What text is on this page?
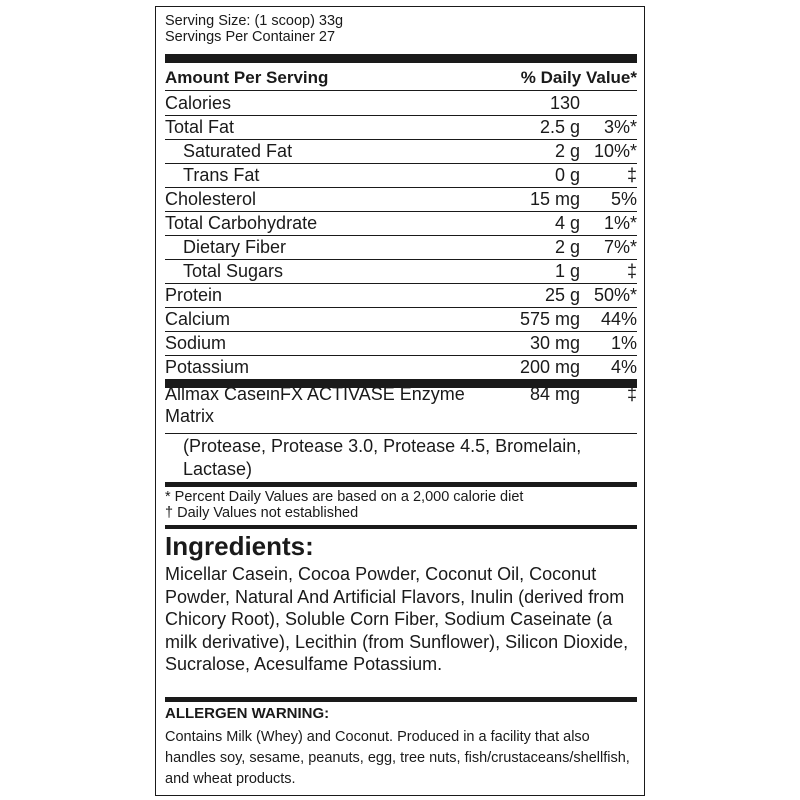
Serving Size: (1 scoop) 33g
Servings Per Container 27
Amount Per Serving	% Daily Value*
Calories	130
Total Fat	2.5 g 3%*
Saturated Fat	2 g 10%*
Trans Fat	0 g	‡
Cholesterol	15 mg 5%
Total Carbohydrate	4 g 1%*
Dietary Fiber	2 g 7%*
Total Sugars	1 g	‡
Protein	25 g 50%*
Calcium	575 mg 44%
Sodium	30 mg 1%
Potassium	200 mg 4%
Allmax CaseinFX ACTIVASE Enzyme Matrix
84 mg	‡
(Protease, Protease 3.0, Protease 4.5, Bromelain, Lactase)
* Percent Daily Values are based on a 2,000 calorie diet
† Daily Values not established
Ingredients:
Micellar Casein, Cocoa Powder, Coconut Oil, Coconut Powder, Natural And Artificial Flavors, Inulin (derived from Chicory Root), Soluble Corn Fiber, Sodium Caseinate (a milk derivative), Lecithin (from Sunflower), Silicon Dioxide, Sucralose, Acesulfame Potassium.
ALLERGEN WARNING:
Contains Milk (Whey) and Coconut. Produced in a facility that also handles soy, sesame, peanuts, egg, tree nuts, fish/crustaceans/shellfish, and wheat products.
